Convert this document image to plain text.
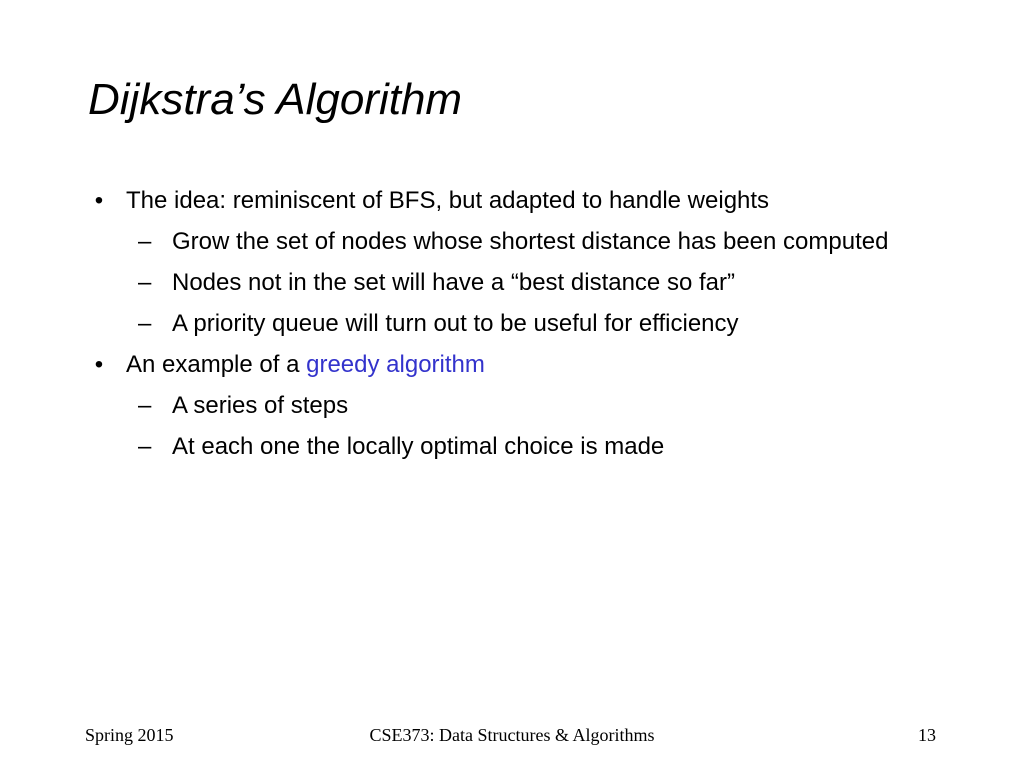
Dijkstra’s Algorithm
• The idea: reminiscent of BFS, but adapted to handle weights
– Grow the set of nodes whose shortest distance has been computed
– Nodes not in the set will have a “best distance so far”
– A priority queue will turn out to be useful for efficiency
• An example of a greedy algorithm
– A series of steps
– At each one the locally optimal choice is made
Spring 2015	CSE373: Data Structures & Algorithms	13
